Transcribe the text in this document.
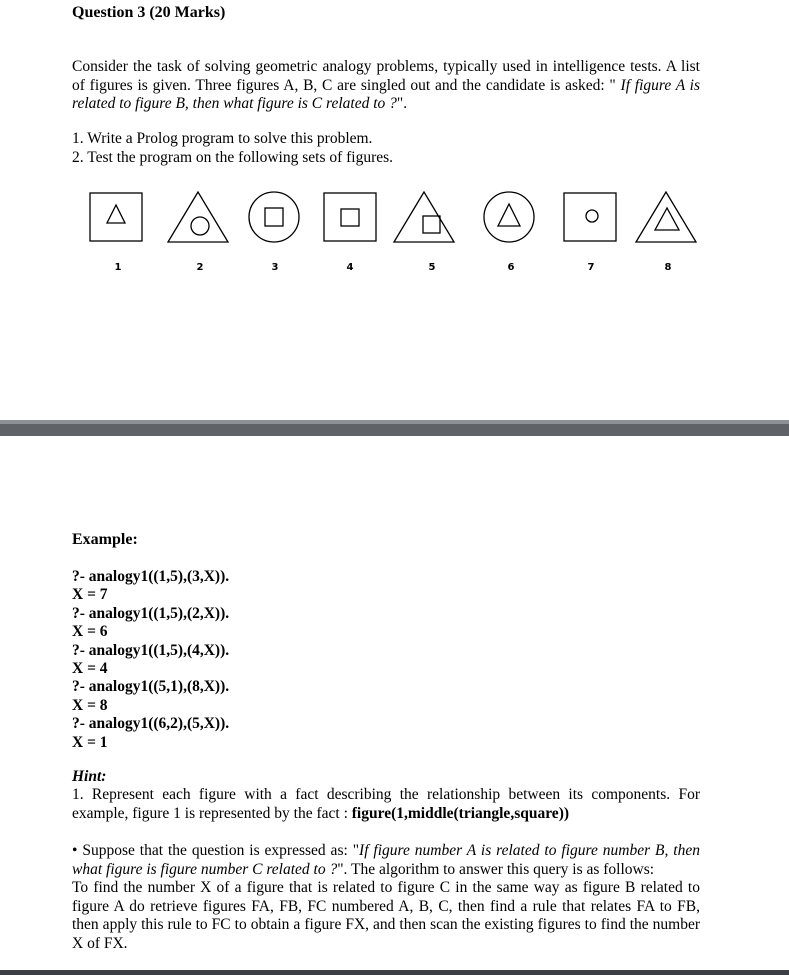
Question 3 (20 Marks)
Consider the task of solving geometric analogy problems, typically used in intelligence tests. A list of figures is given. Three figures A, B, C are singled out and the candidate is asked: " If figure A is related to figure B, then what figure is C related to ?".
1. Write a Prolog program to solve this problem.
2. Test the program on the following sets of figures.
1	2	3	4	5	6	7	8
Example:
?- analogy1((1,5),(3,X)).
X = 7
?- analogy1((1,5),(2,X)).
X = 6
?- analogy1((1,5),(4,X)).
X = 4
?- analogy1((5,1),(8,X)).
X = 8
?- analogy1((6,2),(5,X)).
X = 1
Hint:
1. Represent each figure with a fact describing the relationship between its components. For example, figure 1 is represented by the fact : figure(1,middle(triangle,square))
• Suppose that the question is expressed as: "If figure number A is related to figure number B, then what figure is figure number C related to ?". The algorithm to answer this query is as follows:
To find the number X of a figure that is related to figure C in the same way as figure B related to figure A do retrieve figures FA, FB, FC numbered A, B, C, then find a rule that relates FA to FB, then apply this rule to FC to obtain a figure FX, and then scan the existing figures to find the number X of FX.
